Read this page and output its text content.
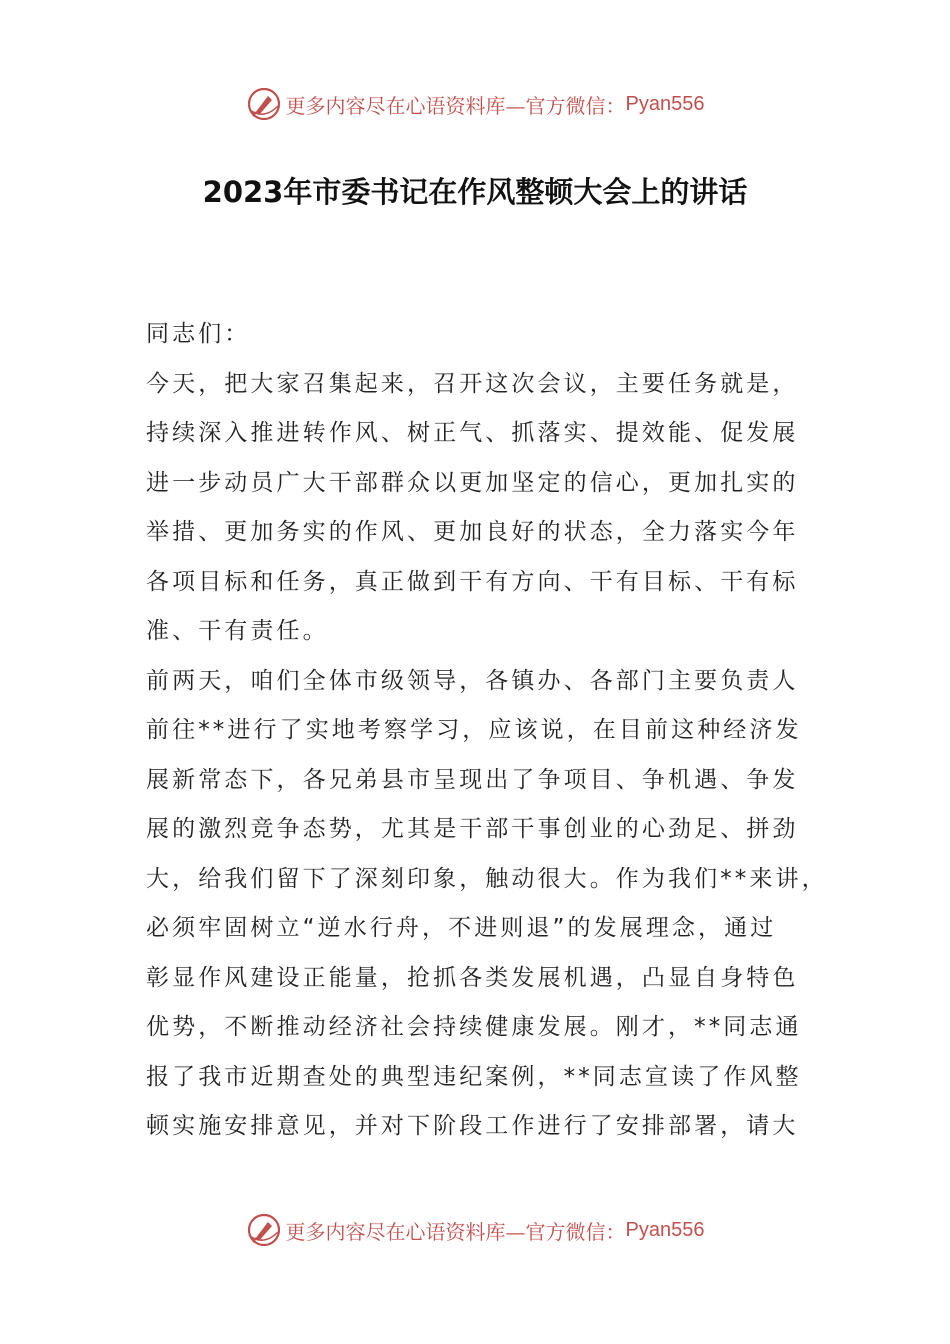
更多内容尽在心语资料库—官方微信： Pyan556
2023年市委书记在作风整顿大会上的讲话
同志们：
今天，把大家召集起来，召开这次会议，主要任务就是，
持续深入推进转作风、树正气、抓落实、提效能、促发展
进一步动员广大干部群众以更加坚定的信心，更加扎实的
举措、更加务实的作风、更加良好的状态，全力落实今年
各项目标和任务，真正做到干有方向、干有目标、干有标
准、干有责任。
前两天，咱们全体市级领导，各镇办、各部门主要负责人
前往**进行了实地考察学习，应该说，在目前这种经济发
展新常态下，各兄弟县市呈现出了争项目、争机遇、争发
展的激烈竞争态势，尤其是干部干事创业的心劲足、拼劲
大，给我们留下了深刻印象，触动很大。作为我们**来讲，
必须牢固树立“逆水行舟，不进则退”的发展理念，通过
彰显作风建设正能量，抢抓各类发展机遇，凸显自身特色
优势，不断推动经济社会持续健康发展。刚才，**同志通
报了我市近期查处的典型违纪案例，**同志宣读了作风整
顿实施安排意见，并对下阶段工作进行了安排部署，请大
更多内容尽在心语资料库—官方微信： Pyan556
